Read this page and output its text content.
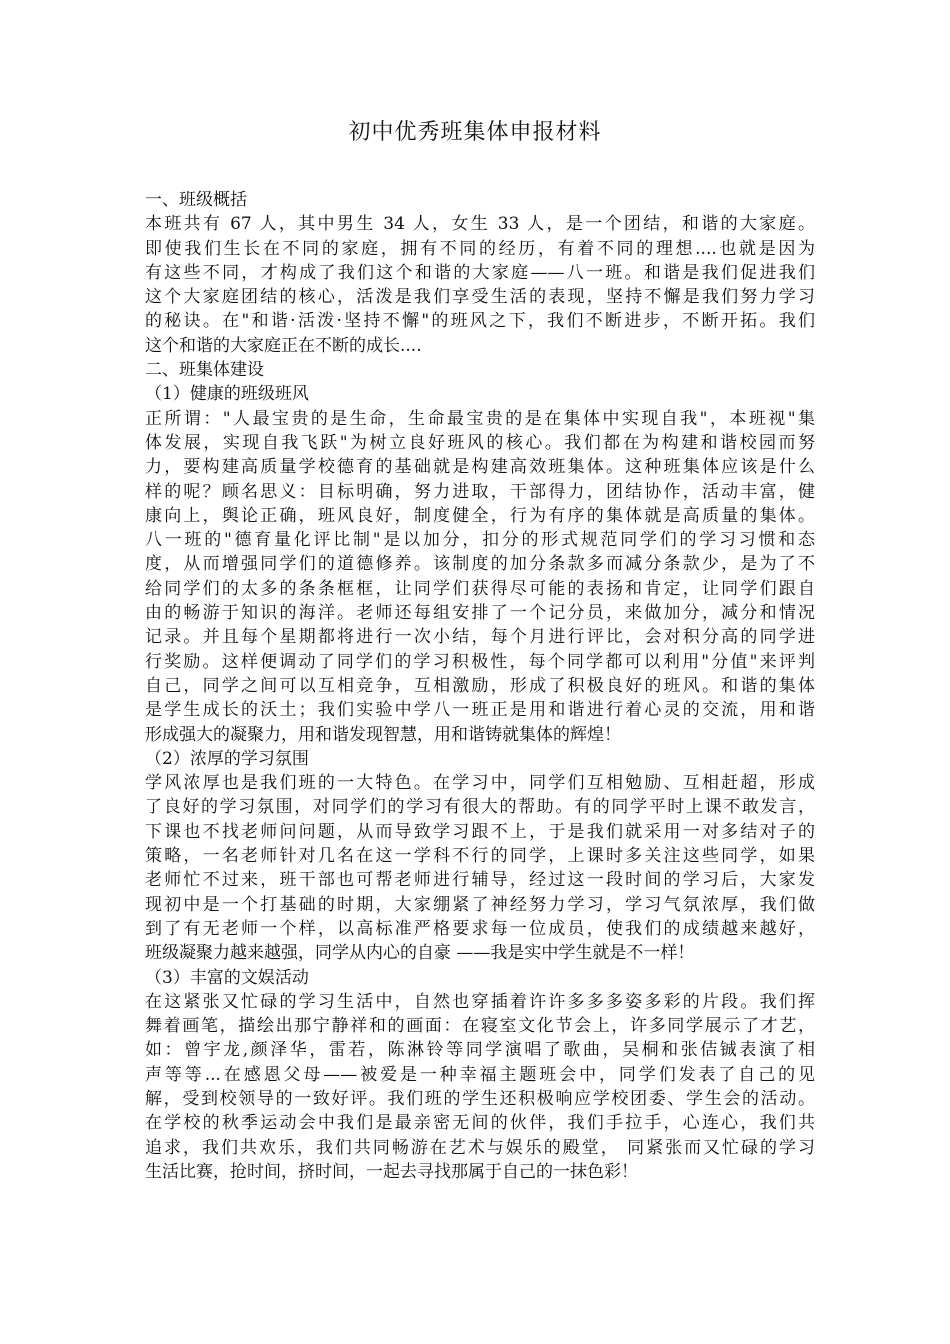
初中优秀班集体申报材料
一、班级概括
本班共有 67 人，其中男生 34 人，女生 33 人，是一个团结，和谐的大家庭。
即使我们生长在不同的家庭，拥有不同的经历，有着不同的理想....也就是因为
有这些不同，才构成了我们这个和谐的大家庭——八一班。和谐是我们促进我们
这个大家庭团结的核心，活泼是我们享受生活的表现，坚持不懈是我们努力学习
的秘诀。在"和谐·活泼·坚持不懈"的班风之下，我们不断进步，不断开拓。我们
这个和谐的大家庭正在不断的成长....
二、班集体建设
（1）健康的班级班风
正所谓："人最宝贵的是生命，生命最宝贵的是在集体中实现自我"，本班视"集
体发展，实现自我飞跃"为树立良好班风的核心。我们都在为构建和谐校园而努
力，要构建高质量学校德育的基础就是构建高效班集体。这种班集体应该是什么
样的呢？顾名思义：目标明确，努力进取，干部得力，团结协作，活动丰富，健
康向上，舆论正确，班风良好，制度健全，行为有序的集体就是高质量的集体。
八一班的"德育量化评比制"是以加分，扣分的形式规范同学们的学习习惯和态
度，从而增强同学们的道德修养。该制度的加分条款多而减分条款少，是为了不
给同学们的太多的条条框框，让同学们获得尽可能的表扬和肯定，让同学们跟自
由的畅游于知识的海洋。老师还每组安排了一个记分员，来做加分，减分和情况
记录。并且每个星期都将进行一次小结，每个月进行评比，会对积分高的同学进
行奖励。这样便调动了同学们的学习积极性，每个同学都可以利用"分值"来评判
自己，同学之间可以互相竞争，互相激励，形成了积极良好的班风。和谐的集体
是学生成长的沃土；我们实验中学八一班正是用和谐进行着心灵的交流，用和谐
形成强大的凝聚力，用和谐发现智慧，用和谐铸就集体的辉煌！
（2）浓厚的学习氛围
学风浓厚也是我们班的一大特色。在学习中，同学们互相勉励、互相赶超，形成
了良好的学习氛围，对同学们的学习有很大的帮助。有的同学平时上课不敢发言，
下课也不找老师问问题，从而导致学习跟不上，于是我们就采用一对多结对子的
策略，一名老师针对几名在这一学科不行的同学，上课时多关注这些同学，如果
老师忙不过来，班干部也可帮老师进行辅导，经过这一段时间的学习后，大家发
现初中是一个打基础的时期，大家绷紧了神经努力学习，学习气氛浓厚，我们做
到了有无老师一个样，以高标准严格要求每一位成员，使我们的成绩越来越好，
班级凝聚力越来越强，同学从内心的自豪 ——我是实中学生就是不一样！
（3）丰富的文娱活动
在这紧张又忙碌的学习生活中，自然也穿插着许许多多多姿多彩的片段。我们挥
舞着画笔，描绘出那宁静祥和的画面：在寝室文化节会上，许多同学展示了才艺，
如：曾宇龙,颜泽华，雷若，陈淋铃等同学演唱了歌曲，吴桐和张佶铖表演了相
声等等...在感恩父母——被爱是一种幸福主题班会中，同学们发表了自己的见
解，受到校领导的一致好评。我们班的学生还积极响应学校团委、学生会的活动。
在学校的秋季运动会中我们是最亲密无间的伙伴，我们手拉手，心连心，我们共
追求，我们共欢乐，我们共同畅游在艺术与娱乐的殿堂， 同紧张而又忙碌的学习
生活比赛，抢时间，挤时间，一起去寻找那属于自己的一抹色彩！
